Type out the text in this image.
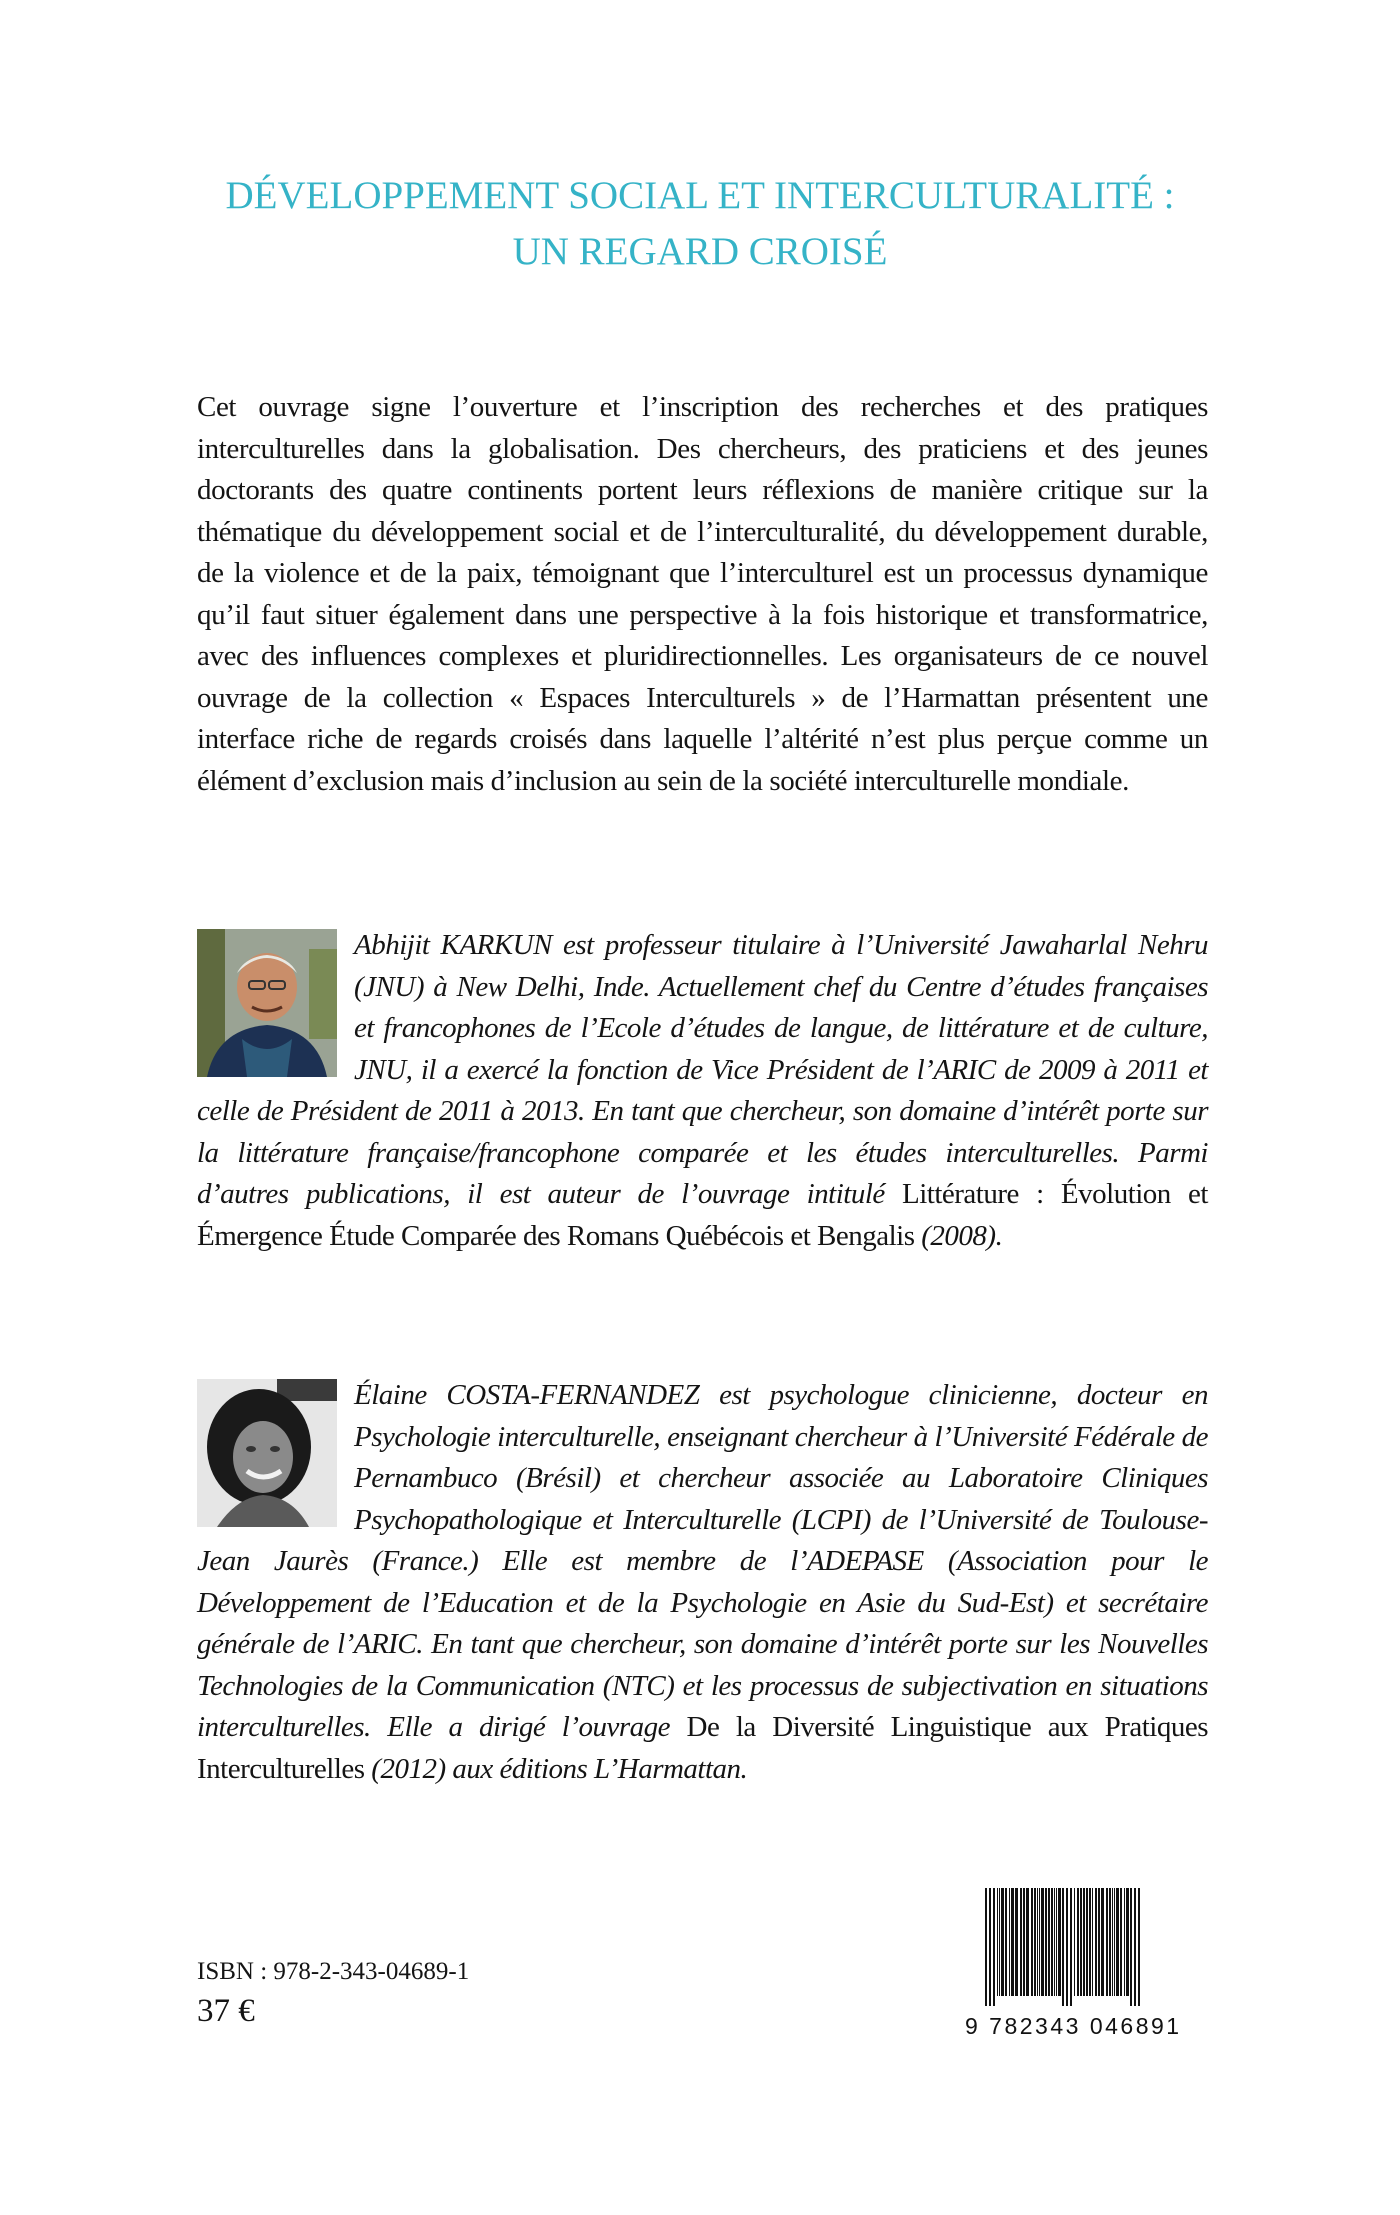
DÉVELOPPEMENT SOCIAL ET INTERCULTURALITÉ :
UN REGARD CROISÉ

Cet ouvrage signe l’ouverture et l’inscription des recherches et des pratiques interculturelles dans la globalisation. Des chercheurs, des praticiens et des jeunes doctorants des quatre continents portent leurs réflexions de manière critique sur la thématique du développement social et de l’interculturalité, du développement durable, de la violence et de la paix, témoignant que l’interculturel est un processus dynamique qu’il faut situer également dans une perspective à la fois historique et transformatrice, avec des influences complexes et pluridirectionnelles. Les organisateurs de ce nouvel ouvrage de la collection « Espaces Interculturels » de l’Harmattan présentent une interface riche de regards croisés dans laquelle l’altérité n’est plus perçue comme un élément d’exclusion mais d’inclusion au sein de la société interculturelle mondiale.

Abhijit KARKUN est professeur titulaire à l’Université Jawaharlal Nehru (JNU) à New Delhi, Inde. Actuellement chef du Centre d’études françaises et francophones de l’Ecole d’études de langue, de littérature et de culture, JNU, il a exercé la fonction de Vice Président de l’ARIC de 2009 à 2011 et celle de Président de 2011 à 2013. En tant que chercheur, son domaine d’intérêt porte sur la littérature française/francophone comparée et les études interculturelles. Parmi d’autres publications, il est auteur de l’ouvrage intitulé Littérature : Évolution et Émergence Étude Comparée des Romans Québécois et Bengalis (2008).
Élaine COSTA-FERNANDEZ est psychologue clinicienne, docteur en Psychologie interculturelle, enseignant chercheur à l’Université Fédérale de Pernambuco (Brésil) et chercheur associée au Laboratoire Cliniques Psychopathologique et Interculturelle (LCPI) de l’Université de Toulouse-Jean Jaurès (France.) Elle est membre de l’ADEPASE (Association pour le Développement de l’Education et de la Psychologie en Asie du Sud-Est) et secrétaire générale de l’ARIC. En tant que chercheur, son domaine d’intérêt porte sur les Nouvelles Technologies de la Communication (NTC) et les processus de subjectivation en situations interculturelles. Elle a dirigé l’ouvrage De la Diversité Linguistique aux Pratiques Interculturelles (2012) aux éditions L’Harmattan.

ISBN : 978-2-343-04689-1

37 €	9 782343 046891
